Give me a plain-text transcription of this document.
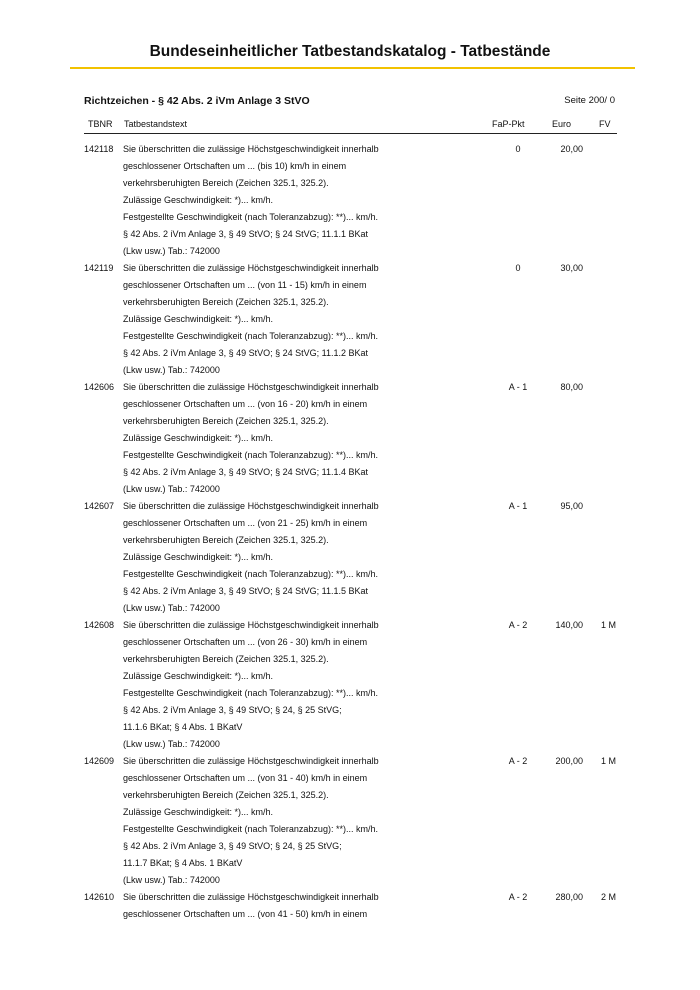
Bundeseinheitlicher Tatbestandskatalog - Tatbestände
Richtzeichen - § 42 Abs. 2 iVm Anlage 3 StVO	Seite 200/ 0
TBNR Tatbestandstext	FaP-Pkt	Euro	FV
142118	0	20,00
Sie überschritten die zulässige Höchstgeschwindigkeit innerhalb
geschlossener Ortschaften um ... (bis 10) km/h in einem
verkehrsberuhigten Bereich (Zeichen 325.1, 325.2).
Zulässige Geschwindigkeit: *)... km/h.
Festgestellte Geschwindigkeit (nach Toleranzabzug): **)... km/h.
§ 42 Abs. 2 iVm Anlage 3, § 49 StVO; § 24 StVG; 11.1.1 BKat
(Lkw usw.) Tab.: 742000
142119	0	30,00
Sie überschritten die zulässige Höchstgeschwindigkeit innerhalb
geschlossener Ortschaften um ... (von 11 - 15) km/h in einem
verkehrsberuhigten Bereich (Zeichen 325.1, 325.2).
Zulässige Geschwindigkeit: *)... km/h.
Festgestellte Geschwindigkeit (nach Toleranzabzug): **)... km/h.
§ 42 Abs. 2 iVm Anlage 3, § 49 StVO; § 24 StVG; 11.1.2 BKat
(Lkw usw.) Tab.: 742000
142606	A - 1	80,00
Sie überschritten die zulässige Höchstgeschwindigkeit innerhalb
geschlossener Ortschaften um ... (von 16 - 20) km/h in einem
verkehrsberuhigten Bereich (Zeichen 325.1, 325.2).
Zulässige Geschwindigkeit: *)... km/h.
Festgestellte Geschwindigkeit (nach Toleranzabzug): **)... km/h.
§ 42 Abs. 2 iVm Anlage 3, § 49 StVO; § 24 StVG; 11.1.4 BKat
(Lkw usw.) Tab.: 742000
142607	A - 1	95,00
Sie überschritten die zulässige Höchstgeschwindigkeit innerhalb
geschlossener Ortschaften um ... (von 21 - 25) km/h in einem
verkehrsberuhigten Bereich (Zeichen 325.1, 325.2).
Zulässige Geschwindigkeit: *)... km/h.
Festgestellte Geschwindigkeit (nach Toleranzabzug): **)... km/h.
§ 42 Abs. 2 iVm Anlage 3, § 49 StVO; § 24 StVG; 11.1.5 BKat
(Lkw usw.) Tab.: 742000
142608	A - 2	140,00 1 M
Sie überschritten die zulässige Höchstgeschwindigkeit innerhalb
geschlossener Ortschaften um ... (von 26 - 30) km/h in einem
verkehrsberuhigten Bereich (Zeichen 325.1, 325.2).
Zulässige Geschwindigkeit: *)... km/h.
Festgestellte Geschwindigkeit (nach Toleranzabzug): **)... km/h.
§ 42 Abs. 2 iVm Anlage 3, § 49 StVO; § 24, § 25 StVG;
11.1.6 BKat; § 4 Abs. 1 BKatV
(Lkw usw.) Tab.: 742000
142609	A - 2	200,00 1 M
Sie überschritten die zulässige Höchstgeschwindigkeit innerhalb
geschlossener Ortschaften um ... (von 31 - 40) km/h in einem
verkehrsberuhigten Bereich (Zeichen 325.1, 325.2).
Zulässige Geschwindigkeit: *)... km/h.
Festgestellte Geschwindigkeit (nach Toleranzabzug): **)... km/h.
§ 42 Abs. 2 iVm Anlage 3, § 49 StVO; § 24, § 25 StVG;
11.1.7 BKat; § 4 Abs. 1 BKatV
(Lkw usw.) Tab.: 742000
142610	A - 2	280,00 2 M
Sie überschritten die zulässige Höchstgeschwindigkeit innerhalb
geschlossener Ortschaften um ... (von 41 - 50) km/h in einem
